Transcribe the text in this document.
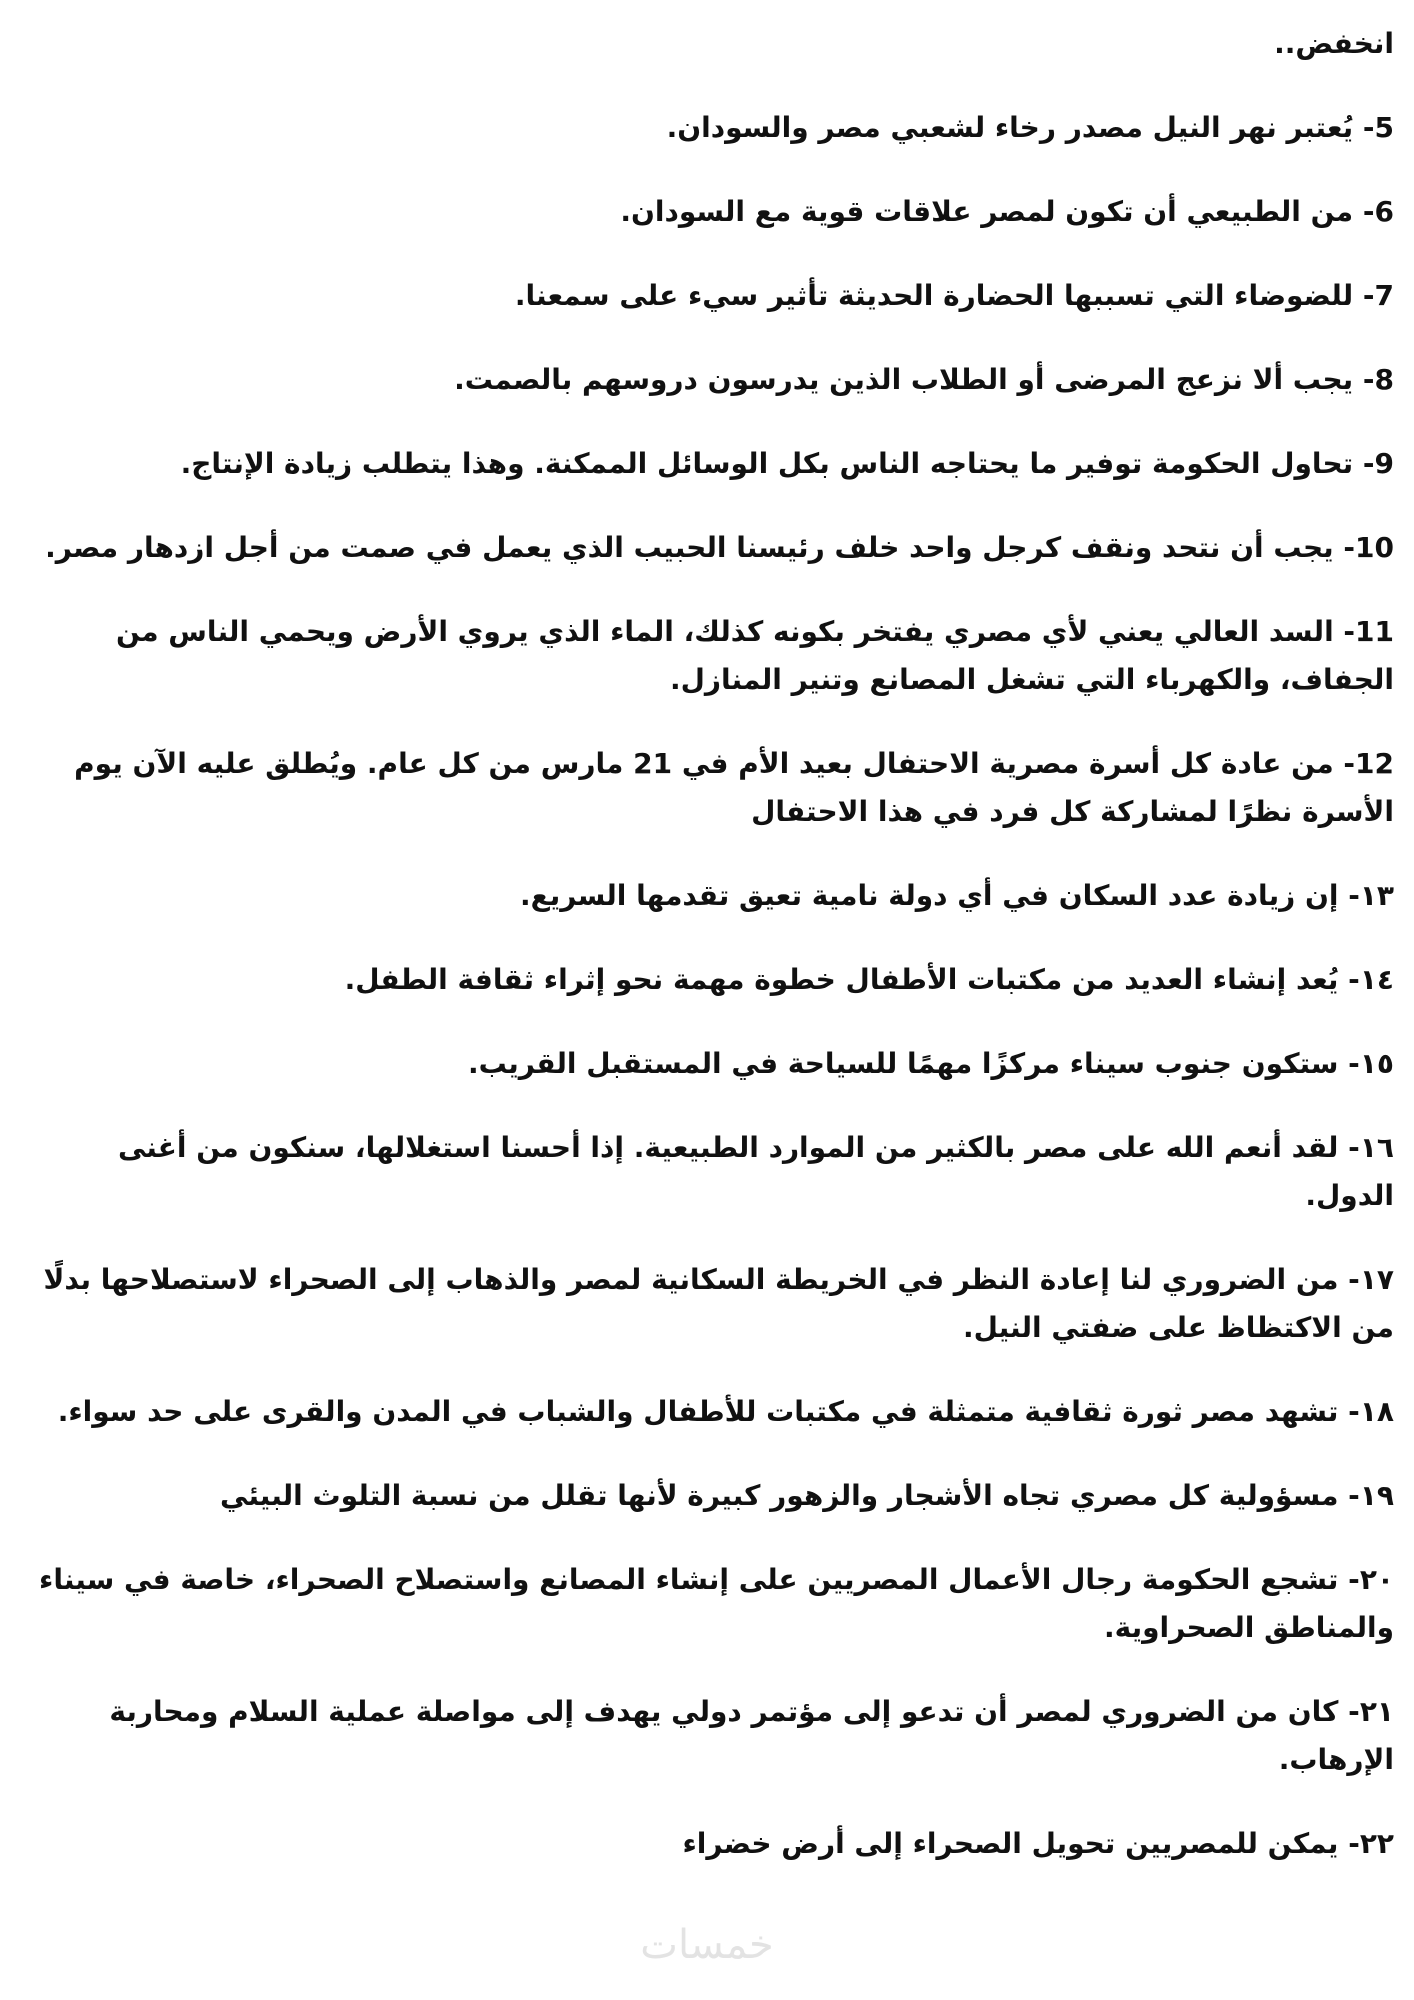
انخفض..

5- يُعتبر نهر النيل مصدر رخاء لشعبي مصر والسودان.

6- من الطبيعي أن تكون لمصر علاقات قوية مع السودان.

7- للضوضاء التي تسببها الحضارة الحديثة تأثير سيء على سمعنا.

8- يجب ألا نزعج المرضى أو الطلاب الذين يدرسون دروسهم بالصمت.

9- تحاول الحكومة توفير ما يحتاجه الناس بكل الوسائل الممكنة. وهذا يتطلب زيادة الإنتاج.

10- يجب أن نتحد ونقف كرجل واحد خلف رئيسنا الحبيب الذي يعمل في صمت من أجل ازدهار مصر.

11- السد العالي يعني لأي مصري يفتخر بكونه كذلك، الماء الذي يروي الأرض ويحمي الناس من الجفاف، والكهرباء التي تشغل المصانع وتنير المنازل.

12- من عادة كل أسرة مصرية الاحتفال بعيد الأم في 21 مارس من كل عام. ويُطلق عليه الآن يوم الأسرة نظرًا لمشاركة كل فرد في هذا الاحتفال

١٣- إن زيادة عدد السكان في أي دولة نامية تعيق تقدمها السريع.

١٤- يُعد إنشاء العديد من مكتبات الأطفال خطوة مهمة نحو إثراء ثقافة الطفل.

١٥- ستكون جنوب سيناء مركزًا مهمًا للسياحة في المستقبل القريب.

١٦- لقد أنعم الله على مصر بالكثير من الموارد الطبيعية. إذا أحسنا استغلالها، سنكون من أغنى الدول.

١٧- من الضروري لنا إعادة النظر في الخريطة السكانية لمصر والذهاب إلى الصحراء لاستصلاحها بدلًا من الاكتظاظ على ضفتي النيل.

١٨- تشهد مصر ثورة ثقافية متمثلة في مكتبات للأطفال والشباب في المدن والقرى على حد سواء.

١٩- مسؤولية كل مصري تجاه الأشجار والزهور كبيرة لأنها تقلل من نسبة التلوث البيئي

٢٠- تشجع الحكومة رجال الأعمال المصريين على إنشاء المصانع واستصلاح الصحراء، خاصة في سيناء والمناطق الصحراوية.

٢١- كان من الضروري لمصر أن تدعو إلى مؤتمر دولي يهدف إلى مواصلة عملية السلام ومحاربة الإرهاب.

٢٢- يمكن للمصريين تحويل الصحراء إلى أرض خضراء

خمسات
